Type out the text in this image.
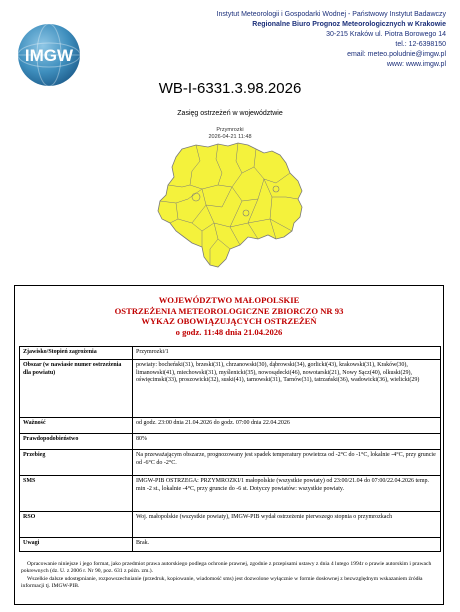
IMGW
Instytut Meteorologii i Gospodarki Wodnej - Państwowy Instytut Badawczy
Regionalne Biuro Prognoz Meteorologicznych w Krakowie
30-215 Kraków ul. Piotra Borowego 14
tel.: 12-6398150
email: meteo.poludnie@imgw.pl
www: www.imgw.pl
WB-I-6331.3.98.2026
Zasięg ostrzeżeń w województwie
Przymrozki
2026-04-21 11:48
WOJEWÓDZTWO MAŁOPOLSKIE
OSTRZEŻENIA METEOROLOGICZNE ZBIORCZO NR 93
WYKAZ OBOWIĄZUJĄCYCH OSTRZEŻEŃ
o godz. 11:48 dnia 21.04.2026
Zjawisko/Stopień zagrożenia	Przymrozki/1
Obszar (w nawiasie numer ostrzeżenia dla powiatu)	powiaty: bocheński(31), brzeski(31), chrzanowski(30), dąbrowski(34), gorlicki(43), krakowski(31), Kraków(30), limanowski(41), miechowski(31), myślenicki(35), nowosądecki(46), nowotarski(21), Nowy Sącz(40), olkuski(29), oświęcimski(33), proszowicki(32), suski(41), tarnowski(31), Tarnów(31), tatrzański(36), wadowicki(36), wielicki(29)
Ważność	od godz. 23:00 dnia 21.04.2026 do godz. 07:00 dnia 22.04.2026
Prawdopodobieństwo	80%
Przebieg	Na przeważającym obszarze, prognozowany jest spadek temperatury powietrza od -2°C do -1°C, lokalnie -4°C, przy gruncie od -6°C do -2°C.
SMS	IMGW-PIB OSTRZEGA: PRZYMROZKI/1 małopolskie (wszystkie powiaty) od 23:00/21.04 do 07:00/22.04.2026 temp. min -2 st., lokalnie -4°C, przy gruncie do -6 st. Dotyczy powiatów: wszystkie powiaty.
RSO	Woj. małopolskie (wszystkie powiaty), IMGW-PIB wydał ostrzeżenie pierwszego stopnia o przymrozkach
Uwagi	Brak.

Opracowanie niniejsze i jego format, jako przedmiot prawa autorskiego podlega ochronie prawnej, zgodnie z przepisami ustawy z dnia 4 lutego 1994r o prawie autorskim i prawach pokrewnych (dz. U. z 2006 r. Nr 90, poz. 631 z późn. zm.).

Wszelkie dalsze udostępnianie, rozpowszechnianie (przedruk, kopiowanie, wiadomość sms) jest dozwolone wyłącznie w formie dosłownej z bezwzględnym wskazaniem źródła informacji tj. IMGW-PIB.
